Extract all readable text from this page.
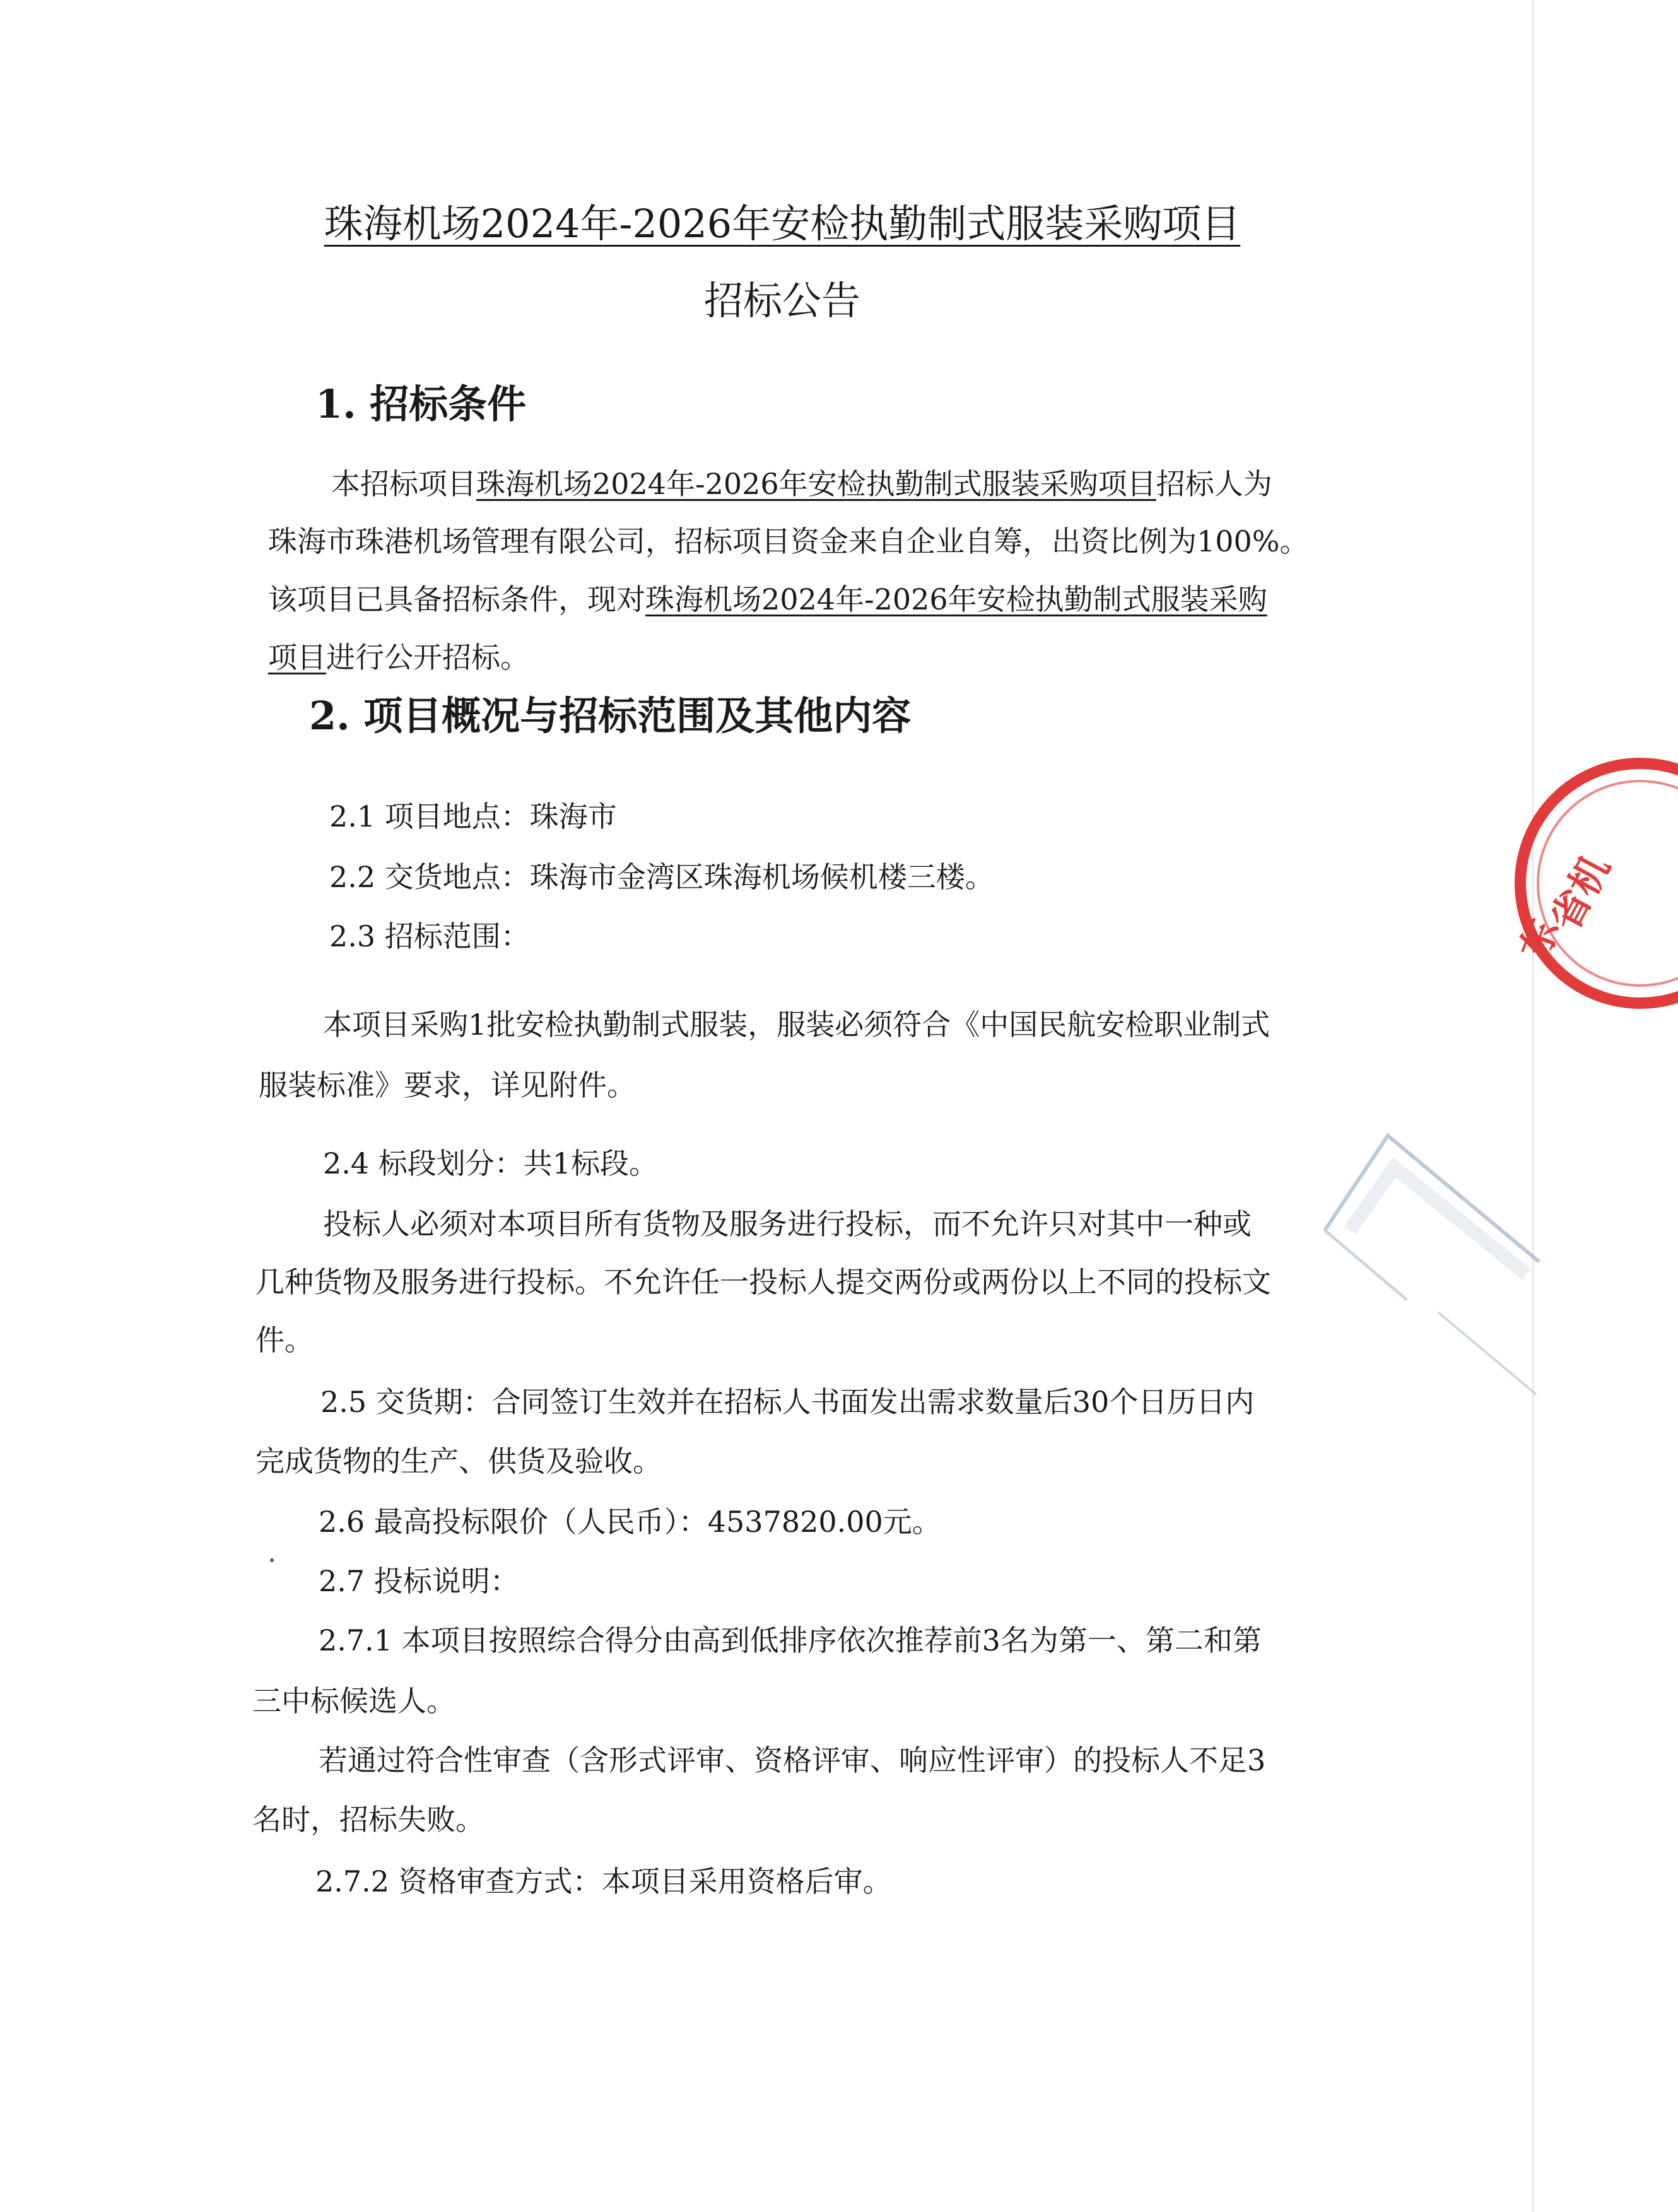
珠海机场2024年-2026年安检执勤制式服装采购项目
招标公告
1. 招标条件
本招标项目珠海机场2024年-2026年安检执勤制式服装采购项目招标人为
珠海市珠港机场管理有限公司，招标项目资金来自企业自筹，出资比例为100%。
该项目已具备招标条件，现对珠海机场2024年-2026年安检执勤制式服装采购
项目进行公开招标。
2. 项目概况与招标范围及其他内容
2.1 项目地点：珠海市
2.2 交货地点：珠海市金湾区珠海机场候机楼三楼。
2.3 招标范围：
本项目采购1批安检执勤制式服装，服装必须符合《中国民航安检职业制式
服装标准》要求，详见附件。
2.4 标段划分：共1标段。
投标人必须对本项目所有货物及服务进行投标，而不允许只对其中一种或
几种货物及服务进行投标。不允许任一投标人提交两份或两份以上不同的投标文
件。
2.5 交货期：合同签订生效并在招标人书面发出需求数量后30个日历日内
完成货物的生产、供货及验收。
2.6 最高投标限价（人民币）：4537820.00元。
2.7 投标说明：
2.7.1 本项目按照综合得分由高到低排序依次推荐前3名为第一、第二和第
三中标候选人。
若通过符合性审查（含形式评审、资格评审、响应性评审）的投标人不足3
名时，招标失败。
2.7.2 资格审查方式：本项目采用资格后审。
省机
东
